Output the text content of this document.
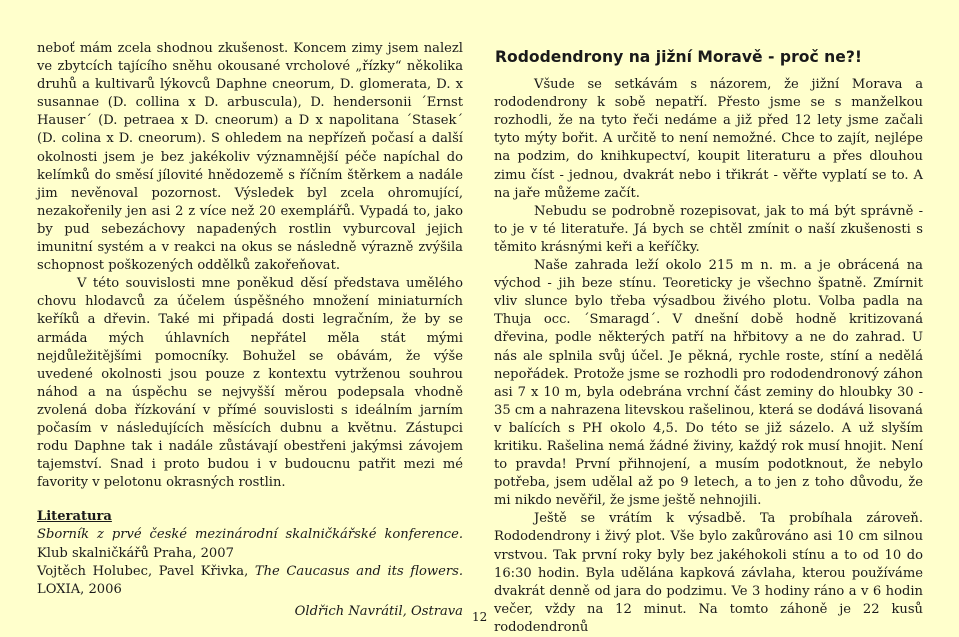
neboť mám zcela shodnou zkušenost. Koncem zimy jsem nalezl ve zbytcích tajícího sněhu okousané vrcholové „řízky“ několika druhů a kultivarů lýkovců Daphne cneorum, D. glomerata, D. x susannae (D. collina x D. arbuscula), D. hendersonii ´Ernst Hauser´ (D. petraea x D. cneorum) a D x napolitana ´Stasek´ (D. colina x D. cneorum). S ohledem na nepřízeň počasí a další okolnosti jsem je bez jakékoliv významnější péče napíchal do kelímků do směsí jílovité hnědozemě s říčním štěrkem a nadále jim nevěnoval pozornost. Výsledek byl zcela ohromující, nezakořenily jen asi 2 z více než 20 exemplářů. Vypadá to, jako by pud sebezáchovy napadených rostlin vyburcoval jejich imunitní systém a v reakci na okus se následně výrazně zvýšila schopnost poškozených oddělků zakořeňovat.

V této souvislosti mne poněkud děsí představa umělého chovu hlodavců za účelem úspěšného množení miniaturních keříků a dřevin. Také mi připadá dosti legračním, že by se armáda mých úhlavních nepřátel měla stát mými nejdůležitějšími pomocníky. Bohužel se obávám, že výše uvedené okolnosti jsou pouze z kontextu vytrženou souhrou náhod a na úspěchu se nejvyšší měrou podepsala vhodně zvolená doba řízkování v přímé souvislosti s ideálním jarním počasím v následujících měsících dubnu a květnu. Zástupci rodu Daphne tak i nadále zůstávají obestřeni jakýmsi závojem tajemství. Snad i proto budou i v budoucnu patřit mezi mé favority v pelotonu okrasných rostlin.

Literatura

Sborník z prvé české mezinárodní skalničkářské konference. Klub skalničkářů Praha, 2007

Vojtěch Holubec, Pavel Křivka, The Caucasus and its flowers. LOXIA, 2006

Oldřich Navrátil, Ostrava

Rododendrony na jižní Moravě - proč ne?!

Všude se setkávám s názorem, že jižní Morava a rododendrony k sobě nepatří. Přesto jsme se s manželkou rozhodli, že na tyto řeči nedáme a již před 12 lety jsme začali tyto mýty bořit. A určitě to není nemožné. Chce to zajít, nejlépe na podzim, do knihkupectví, koupit literaturu a přes dlouhou zimu číst - jednou, dvakrát nebo i třikrát - věřte vyplatí se to. A na jaře můžeme začít.

Nebudu se podrobně rozepisovat, jak to má být správně - to je v té literatuře. Já bych se chtěl zmínit o naší zkušenosti s těmito krásnými keři a keříčky.

Naše zahrada leží okolo 215 m n. m. a je obrácená na východ - jih beze stínu. Teoreticky je všechno špatně. Zmírnit vliv slunce bylo třeba výsadbou živého plotu. Volba padla na Thuja occ. ´Smaragd´. V dnešní době hodně kritizovaná dřevina, podle některých patří na hřbitovy a ne do zahrad. U nás ale splnila svůj účel. Je pěkná, rychle roste, stíní a nedělá nepořádek. Protože jsme se rozhodli pro rododendronový záhon asi 7 x 10 m, byla odebrána vrchní část zeminy do hloubky 30 - 35 cm a nahrazena litevskou rašelinou, která se dodává lisovaná v balících s PH okolo 4,5. Do této se již sázelo. A už slyším kritiku. Rašelina nemá žádné živiny, každý rok musí hnojit. Není to pravda! První přihnojení, a musím podotknout, že nebylo potřeba, jsem udělal až po 9 letech, a to jen z toho důvodu, že mi nikdo nevěřil, že jsme ještě nehnojili.

Ještě se vrátím k výsadbě. Ta probíhala zároveň. Rododendrony i živý plot. Vše bylo zakůrováno asi 10 cm silnou vrstvou. Tak první roky byly bez jakéhokoli stínu a to od 10 do 16:30 hodin. Byla udělána kapková závlaha, kterou používáme dvakrát denně od jara do podzimu. Ve 3 hodiny ráno a v 6 hodin večer, vždy na 12 minut. Na tomto záhoně je 22 kusů rododendronů

12
